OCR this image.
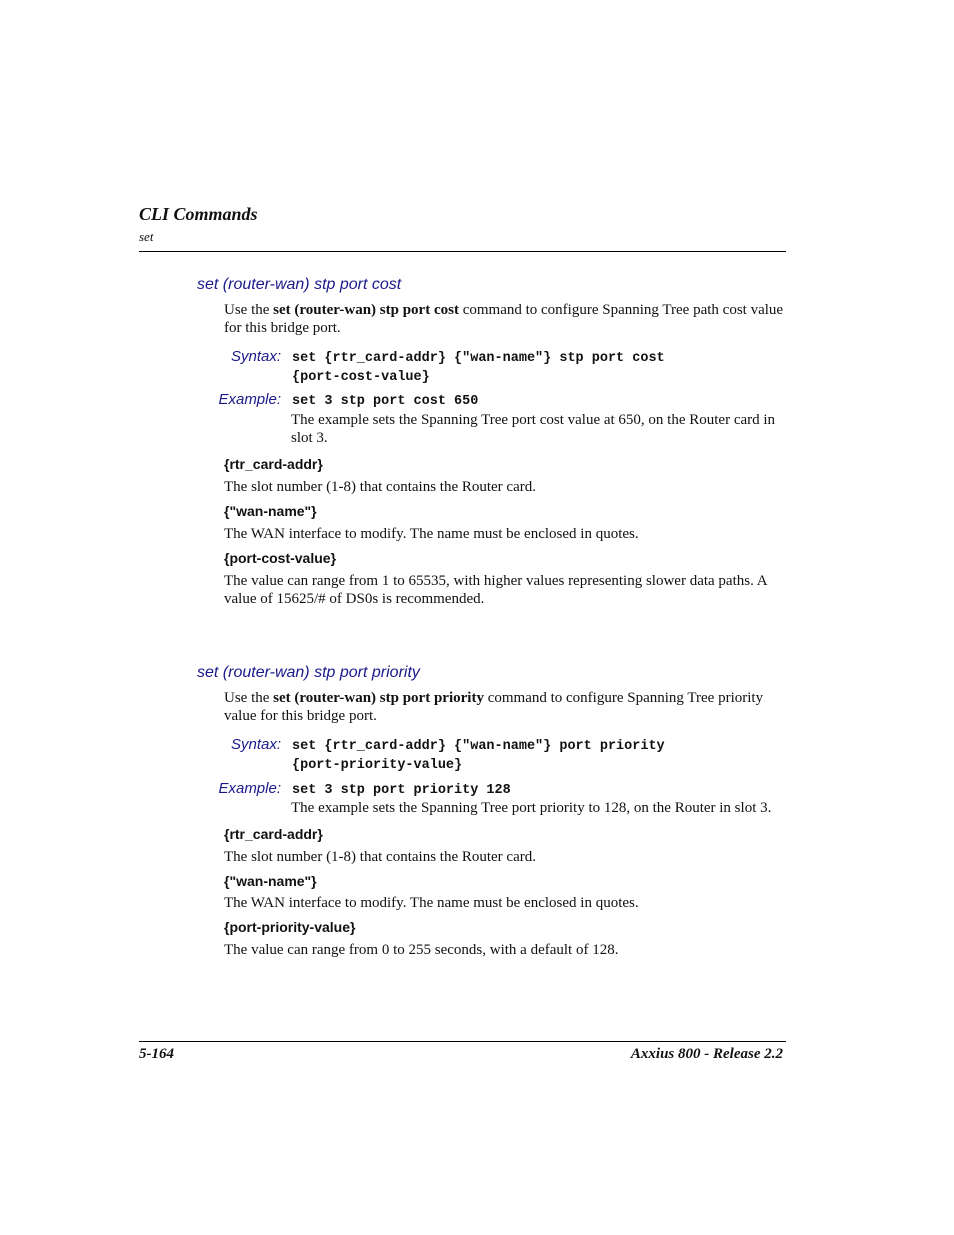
CLI Commands
set
set (router-wan) stp port cost
Use the set (router-wan) stp port cost command to configure Spanning Tree path cost value for this bridge port.
Syntax: set {rtr_card-addr} {"wan-name"} stp port cost
{port-cost-value}
Example: set 3 stp port cost 650
The example sets the Spanning Tree port cost value at 650, on the Router card in slot 3.
{rtr_card-addr}
The slot number (1-8) that contains the Router card.
{"wan-name"}
The WAN interface to modify. The name must be enclosed in quotes.
{port-cost-value}
The value can range from 1 to 65535, with higher values representing slower data paths. A value of 15625/# of DS0s is recommended.
set (router-wan) stp port priority
Use the set (router-wan) stp port priority command to configure Spanning Tree priority value for this bridge port.
Syntax: set {rtr_card-addr} {"wan-name"} port priority
{port-priority-value}
Example: set 3 stp port priority 128
The example sets the Spanning Tree port priority to 128, on the Router in slot 3.
{rtr_card-addr}
The slot number (1-8) that contains the Router card.
{"wan-name"}
The WAN interface to modify. The name must be enclosed in quotes.
{port-priority-value}
The value can range from 0 to 255 seconds, with a default of 128.
5-164	Axxius 800 - Release 2.2
